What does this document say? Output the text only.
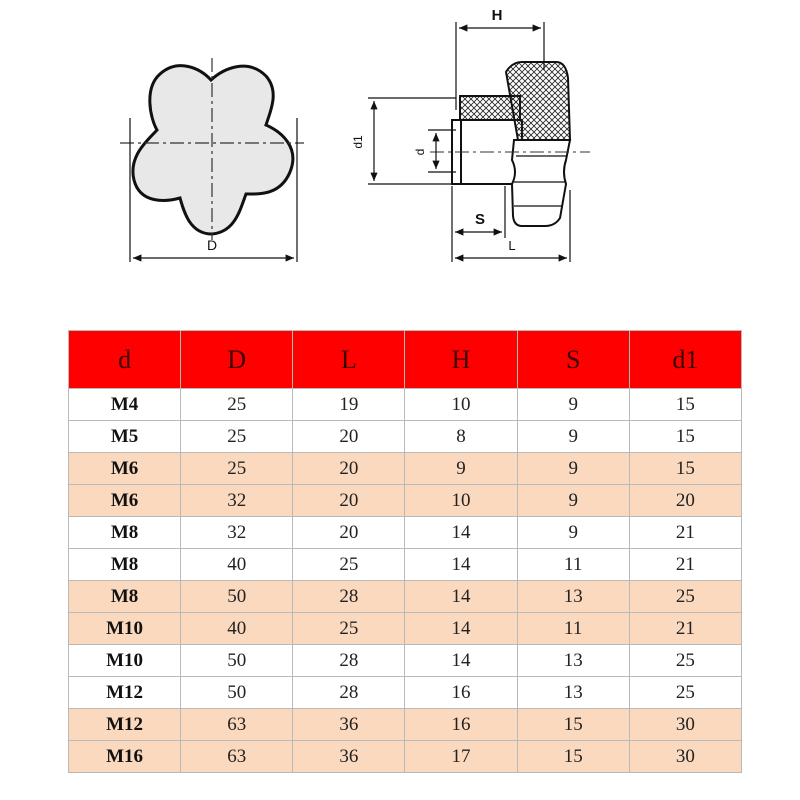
D
H
d1
d
S
L
d	D	L	H	S	d1
M4	25	19	10	9	15
M5	25	20	8	9	15
M6	25	20	9	9	15
M6	32	20	10	9	20
M8	32	20	14	9	21
M8	40	25	14	11	21
M8	50	28	14	13	25
M10	40	25	14	11	21
M10	50	28	14	13	25
M12	50	28	16	13	25
M12	63	36	16	15	30
M16	63	36	17	15	30
